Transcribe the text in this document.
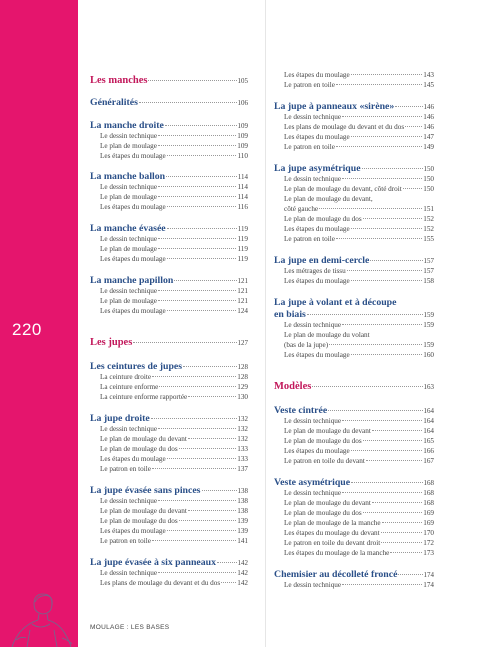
220
MOULAGE : LES BASES
Les manches	105
Généralités	106
La manche droite	109
Le dessin technique	109
Le plan de moulage	109
Les étapes du moulage	110
La manche ballon	114
Le dessin technique	114
Le plan de moulage	114
Les étapes du moulage	116
La manche évasée	119
Le dessin technique	119
Le plan de moulage	119
Les étapes du moulage	119
La manche papillon	121
Le dessin technique	121
Le plan de moulage	121
Les étapes du moulage	124
Les jupes	127
Les ceintures de jupes	128
La ceinture droite	128
La ceinture enforme	129
La ceinture enforme rapportée	130
La jupe droite	132
Le dessin technique	132
Le plan de moulage du devant	132
Le plan de moulage du dos	133
Les étapes du moulage	133
Le patron en toile	137
La jupe évasée sans pinces	138
Le dessin technique	138
Le plan de moulage du devant	138
Le plan de moulage du dos	139
Les étapes du moulage	139
Le patron en toile	141
La jupe évasée à six panneaux	142
Le dessin technique	142
Les plans de moulage du devant et du dos 142
Les étapes du moulage	143
Le patron en toile	145
La jupe à panneaux «sirène»	146
Le dessin technique	146
Les plans de moulage du devant et du dos	146
Les étapes du moulage	147
Le patron en toile	149
La jupe asymétrique	150
Le dessin technique	150
Le plan de moulage du devant, côté droit	150
Le plan de moulage du devant,
côté gauche	151
Le plan de moulage du dos	152
Les étapes du moulage	152
Le patron en toile	155
La jupe en demi-cercle	157
Les métrages de tissu	157
Les étapes du moulage	158
La jupe à volant et à découpe
en biais	159
Le dessin technique	159
Le plan de moulage du volant
(bas de la jupe)	159
Les étapes du moulage	160
Modèles	163
Veste cintrée	164
Le dessin technique	164
Le plan de moulage du devant	164
Le plan de moulage du dos	165
Les étapes du moulage	166
Le patron en toile du devant	167
Veste asymétrique	168
Le dessin technique	168
Le plan de moulage du devant	168
Le plan de moulage du dos	169
Le plan de moulage de la manche	169
Les étapes du moulage du devant	170
Le patron en toile du devant droit	172
Les étapes du moulage de la manche	173
Chemisier au décolleté froncé	174
Le dessin technique	174
